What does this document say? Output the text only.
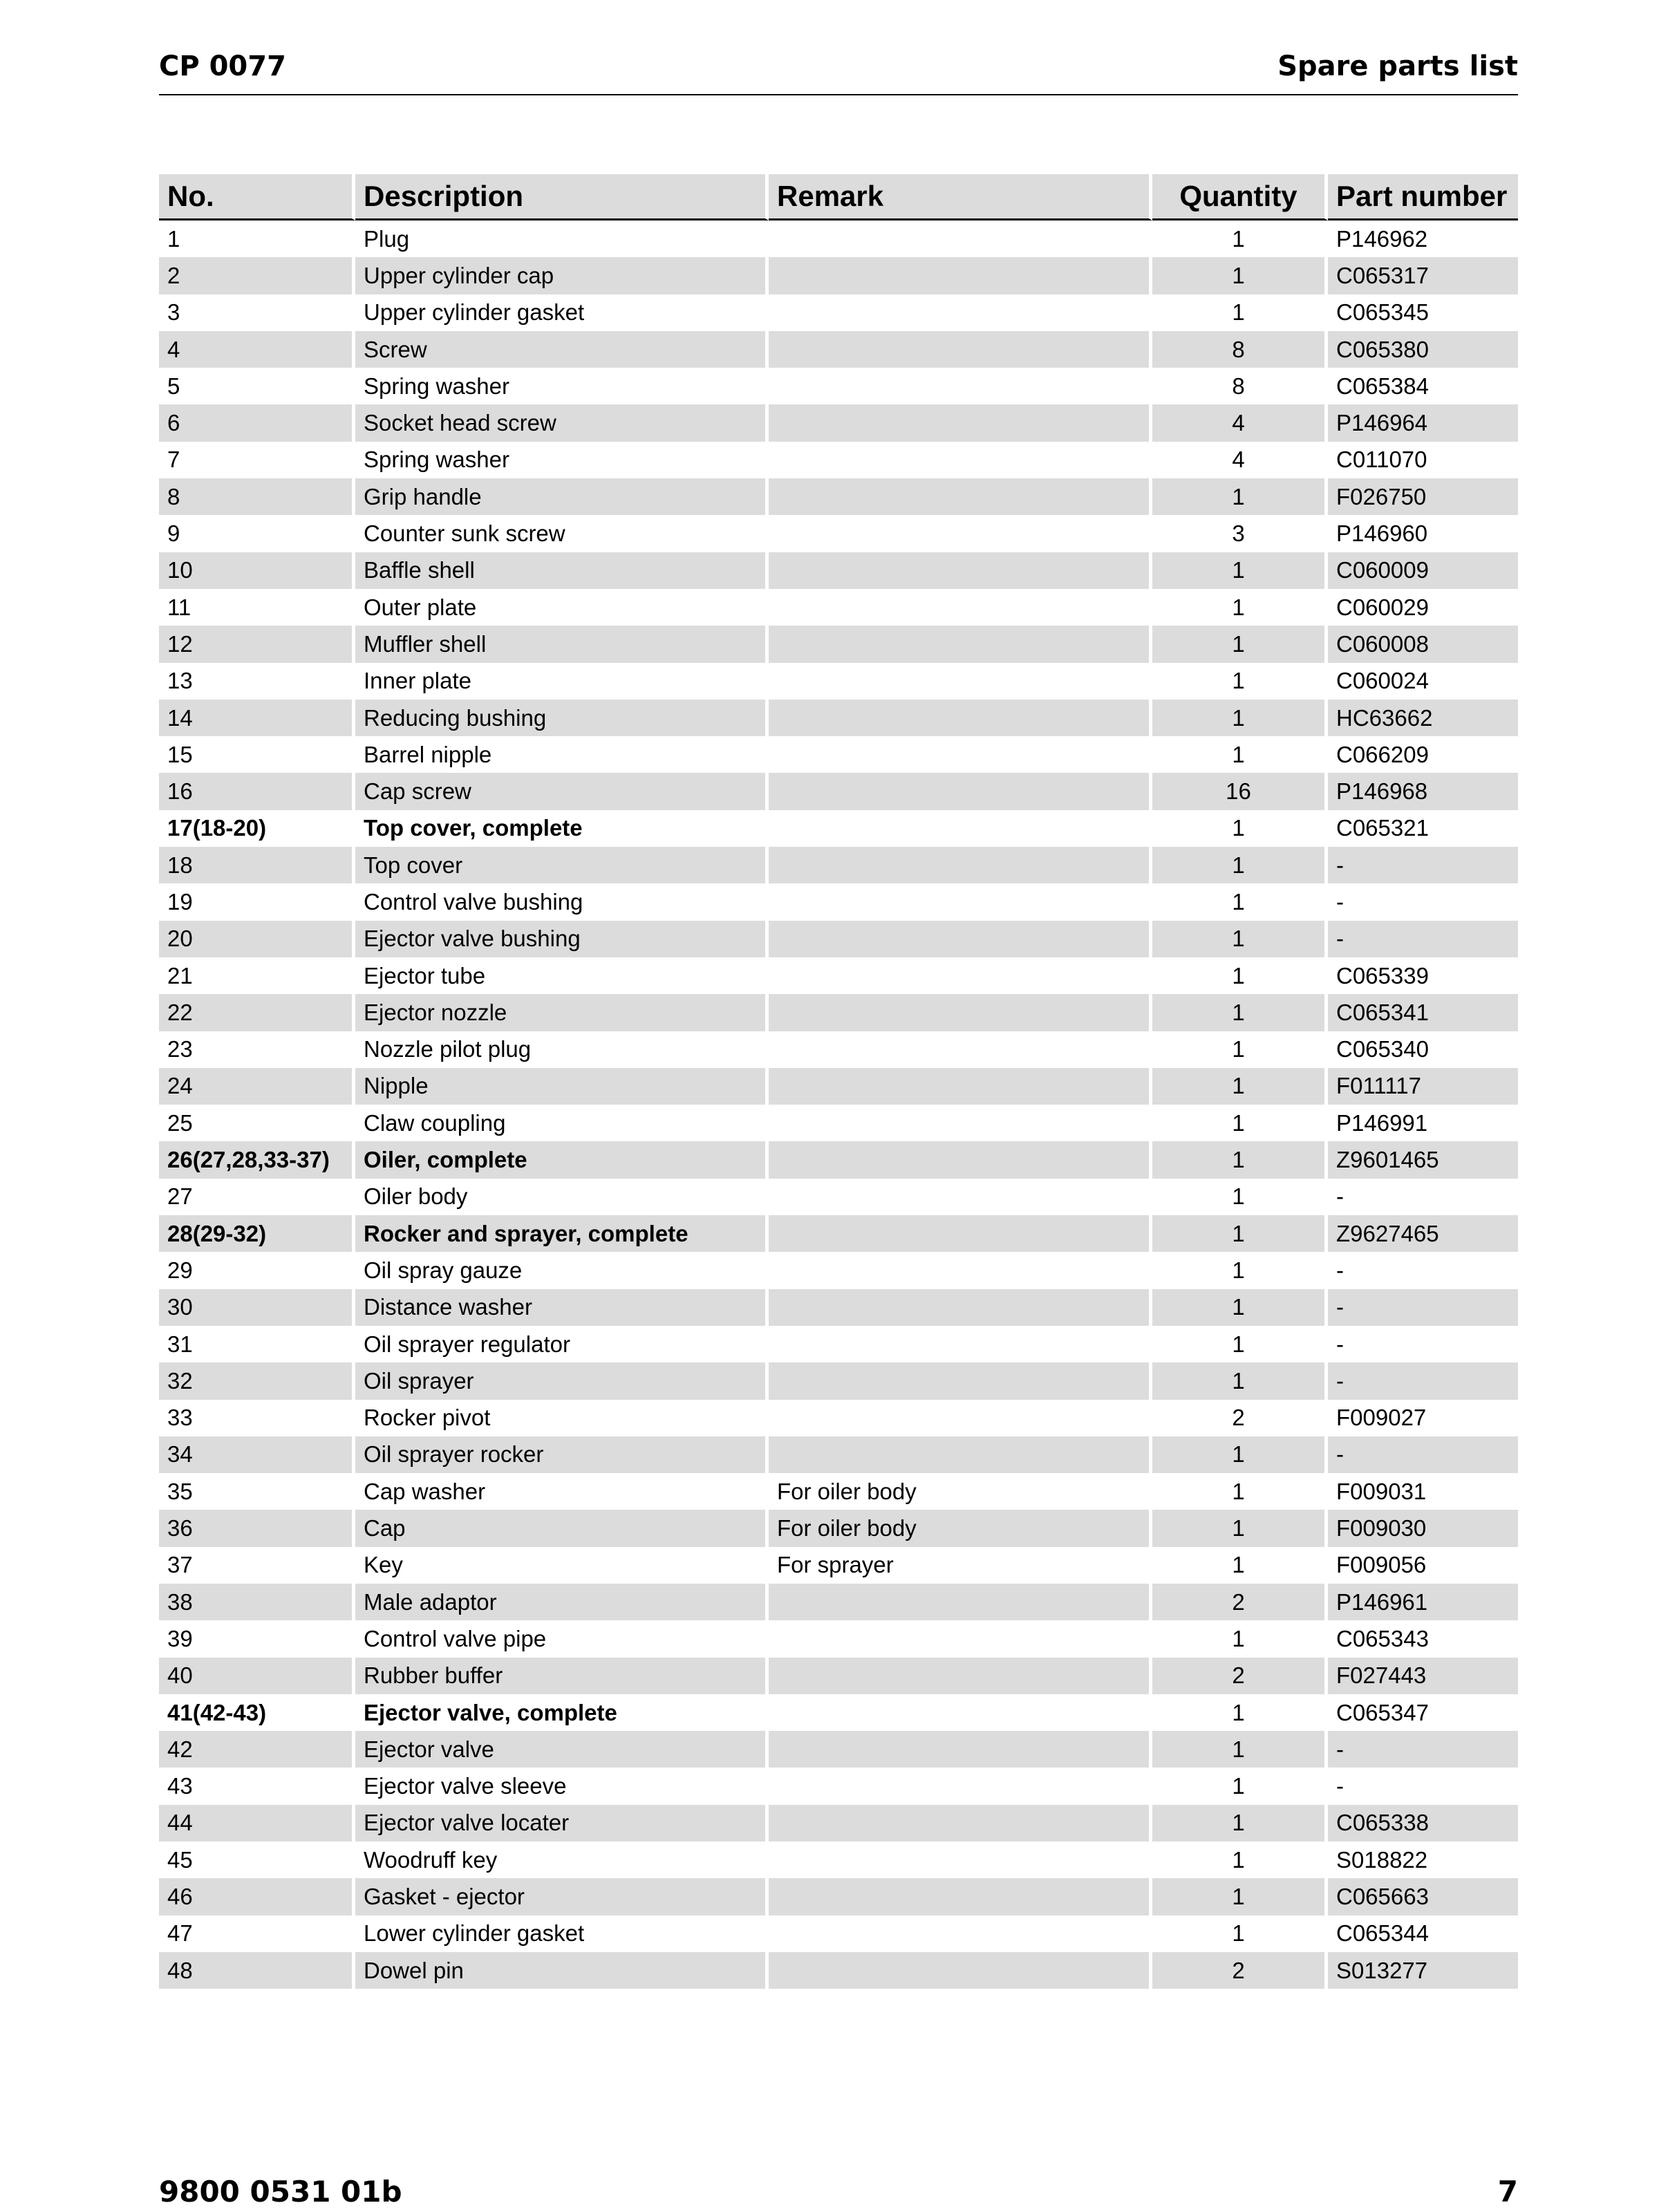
CP 0077	Spare parts list
No.	Description	Remark	Quantity	Part number
1	Plug		1	P146962
2	Upper cylinder cap		1	C065317
3	Upper cylinder gasket		1	C065345
4	Screw		8	C065380
5	Spring washer		8	C065384
6	Socket head screw		4	P146964
7	Spring washer		4	C011070
8	Grip handle		1	F026750
9	Counter sunk screw		3	P146960
10	Baffle shell		1	C060009
11	Outer plate		1	C060029
12	Muffler shell		1	C060008
13	Inner plate		1	C060024
14	Reducing bushing		1	HC63662
15	Barrel nipple		1	C066209
16	Cap screw		16	P146968
17(18-20)	Top cover, complete		1	C065321
18	Top cover		1	-
19	Control valve bushing		1	-
20	Ejector valve bushing		1	-
21	Ejector tube		1	C065339
22	Ejector nozzle		1	C065341
23	Nozzle pilot plug		1	C065340
24	Nipple		1	F011117
25	Claw coupling		1	P146991
26(27,28,33-37)	Oiler, complete		1	Z9601465
27	Oiler body		1	-
28(29-32)	Rocker and sprayer, complete		1	Z9627465
29	Oil spray gauze		1	-
30	Distance washer		1	-
31	Oil sprayer regulator		1	-
32	Oil sprayer		1	-
33	Rocker pivot		2	F009027
34	Oil sprayer rocker		1	-
35	Cap washer	For oiler body	1	F009031
36	Cap	For oiler body	1	F009030
37	Key	For sprayer	1	F009056
38	Male adaptor		2	P146961
39	Control valve pipe		1	C065343
40	Rubber buffer		2	F027443
41(42-43)	Ejector valve, complete		1	C065347
42	Ejector valve		1	-
43	Ejector valve sleeve		1	-
44	Ejector valve locater		1	C065338
45	Woodruff key		1	S018822
46	Gasket - ejector		1	C065663
47	Lower cylinder gasket		1	C065344
48	Dowel pin		2	S013277
9800 0531 01b	7
